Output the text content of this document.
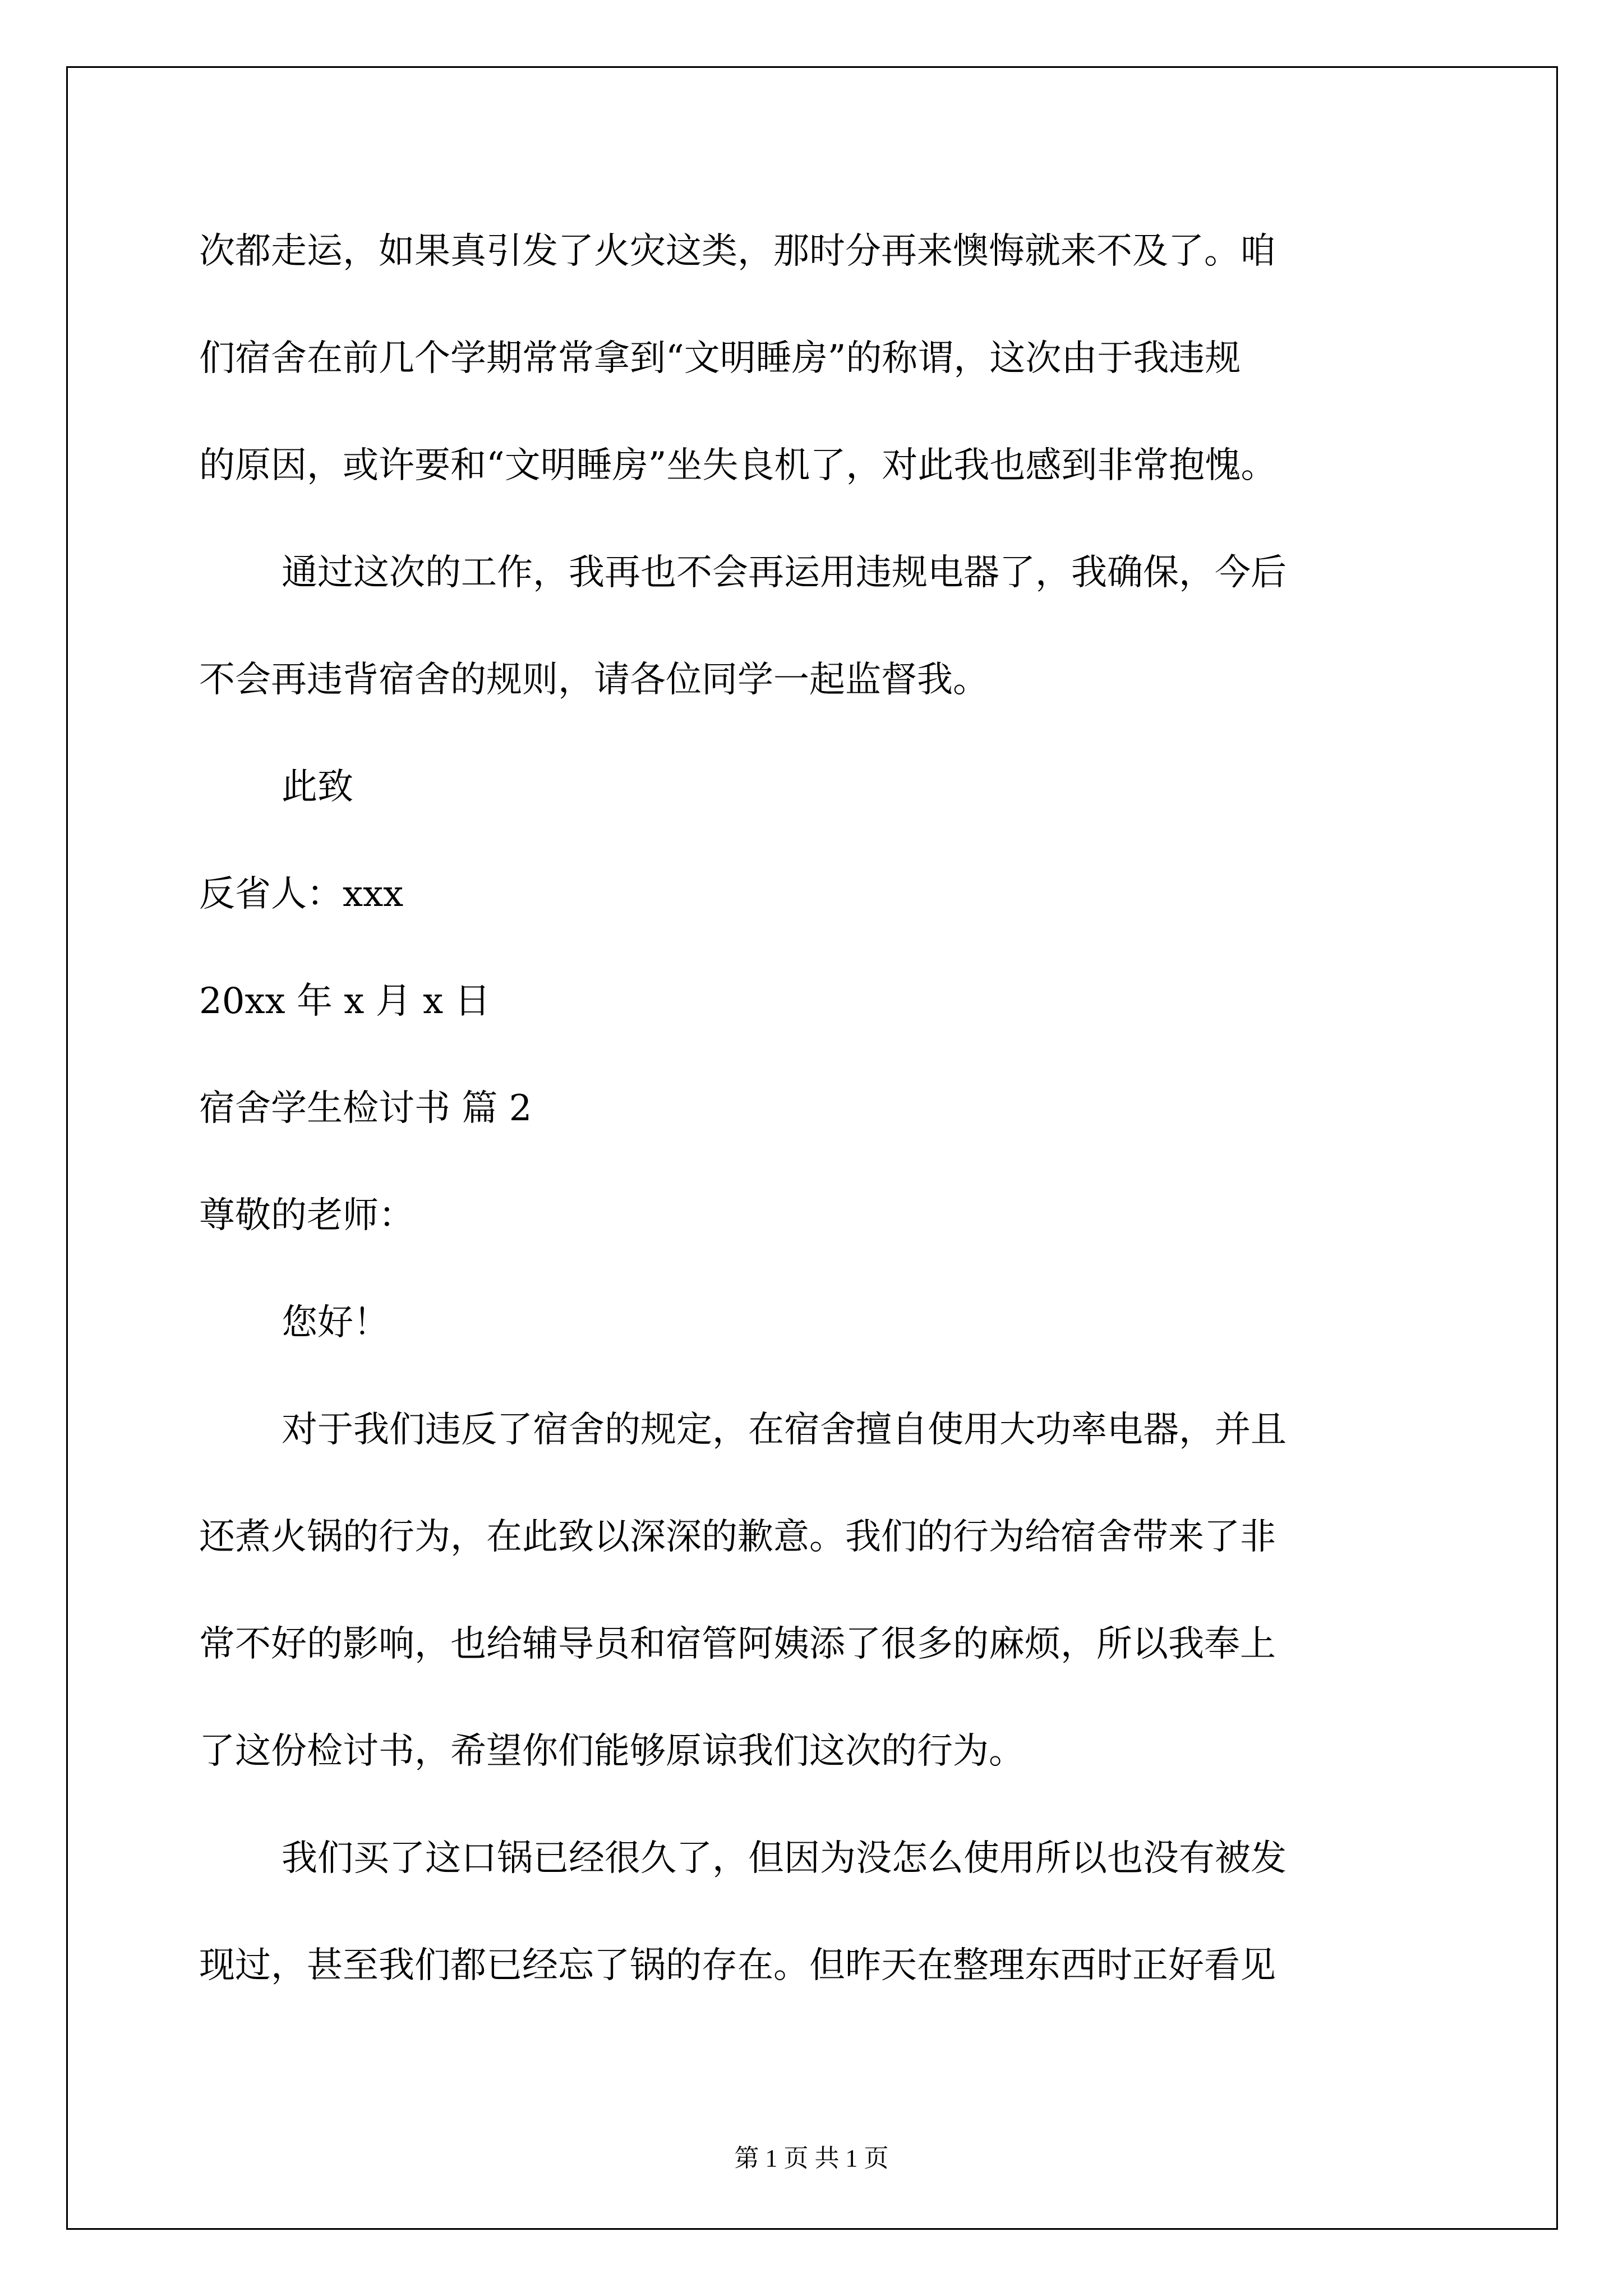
次都走运，如果真引发了火灾这类，那时分再来懊悔就来不及了。咱

们宿舍在前几个学期常常拿到“文明睡房”的称谓，这次由于我违规

的原因，或许要和“文明睡房”坐失良机了，对此我也感到非常抱愧。

通过这次的工作，我再也不会再运用违规电器了，我确保，今后

不会再违背宿舍的规则，请各位同学一起监督我。

此致

反省人：xxx

20xx 年 x 月 x 日

宿舍学生检讨书 篇 2

尊敬的老师：

您好！

对于我们违反了宿舍的规定，在宿舍擅自使用大功率电器，并且

还煮火锅的行为，在此致以深深的歉意。我们的行为给宿舍带来了非

常不好的影响，也给辅导员和宿管阿姨添了很多的麻烦，所以我奉上

了这份检讨书，希望你们能够原谅我们这次的行为。

我们买了这口锅已经很久了，但因为没怎么使用所以也没有被发

现过，甚至我们都已经忘了锅的存在。但昨天在整理东西时正好看见

第 1 页 共 1 页
